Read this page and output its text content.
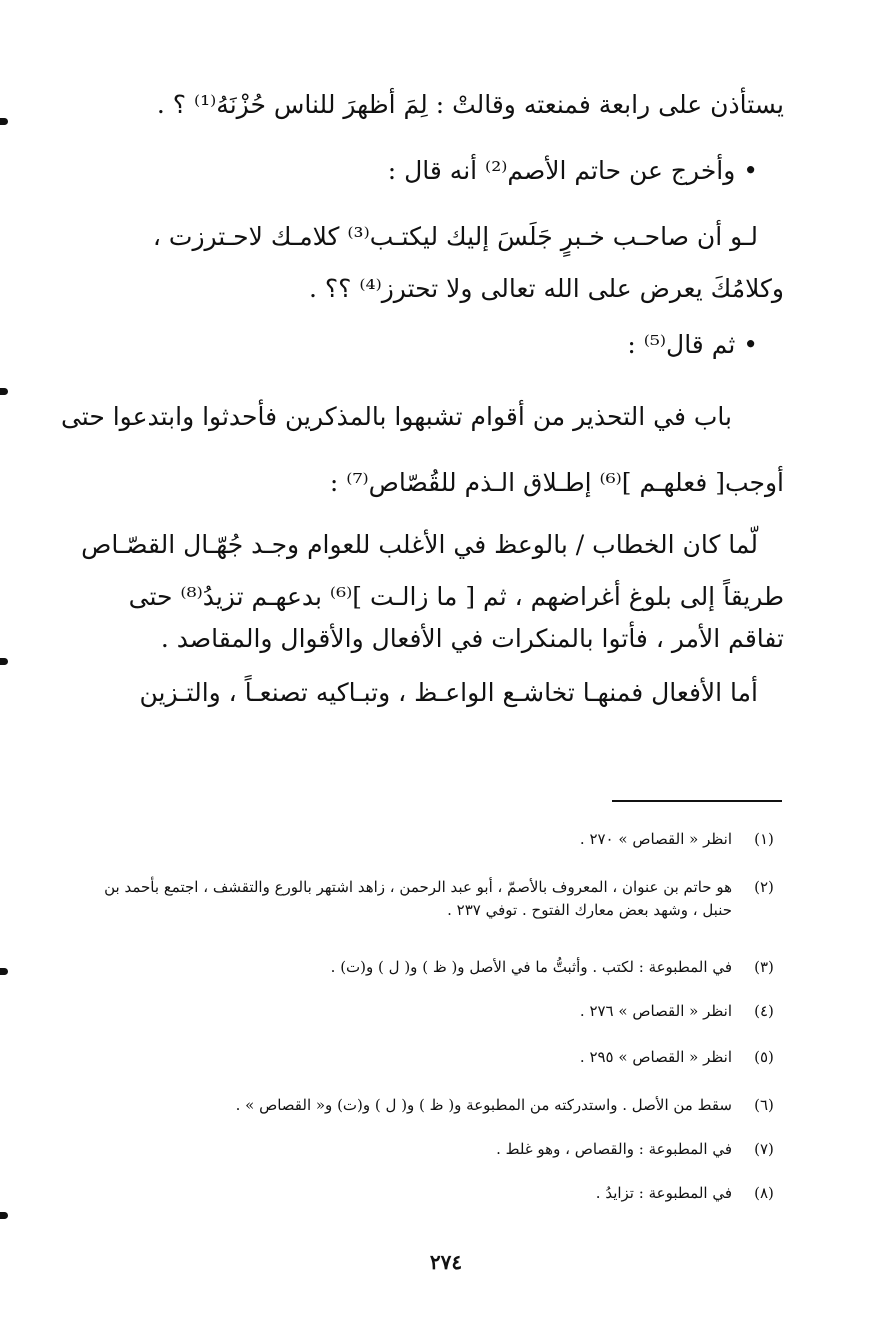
يستأذن على رابعة فمنعته وقالتْ : لِمَ أظهرَ للناس حُزْنَهُ⁽¹⁾ ؟ .
• وأخرج عن حاتم الأصم⁽²⁾ أنه قال :
لـو أن صاحـب خـبرٍ جَلَسَ إليك ليكتـب⁽³⁾ كلامـك لاحـترزت ،
وكلامُكَ يعرض على الله تعالى ولا تحترز⁽⁴⁾ ؟؟ .
• ثم قال⁽⁵⁾ :
باب في التحذير من أقوام تشبهوا بالمذكرين فأحدثوا وابتدعوا حتى
أوجب[ فعلهـم ]⁽⁶⁾ إطـلاق الـذم للقُصّاص⁽⁷⁾ :
لّما كان الخطاب / بالوعظ في الأغلب للعوام وجـد جُهّـال القصّـاص
طريقاً إلى بلوغ أغراضهم ، ثم [ ما زالـت ]⁽⁶⁾ بدعهـم تزيدُ⁽⁸⁾ حتى
تفاقم الأمر ، فأتوا بالمنكرات في الأفعال والأقوال والمقاصد .
أما الأفعال فمنهـا تخاشـع الواعـظ ، وتبـاكيه تصنعـاً ، والتـزين
(١)
انظر « القصاص » ٢٧٠ .
(٢)
هو حاتم بن عنوان ، المعروف بالأصمّ ، أبو عبد الرحمن ، زاهد اشتهر بالورع والتقشف ، اجتمع بأحمد بن حنبل ، وشهد بعض معارك الفتوح . توفي ٢٣٧ .
(٣)
في المطبوعة : لكتب . وأثبتُّ ما في الأصل و( ظ ) و( ل ) و(ت) .
(٤)
انظر « القصاص » ٢٧٦ .
(٥)
انظر « القصاص » ٢٩٥ .
(٦)
سقط من الأصل . واستدركته من المطبوعة و( ظ ) و( ل ) و(ت) و« القصاص » .
(٧)
في المطبوعة : والقصاص ، وهو غلط .
(٨)
في المطبوعة : تزايدُ .
٢٧٤
